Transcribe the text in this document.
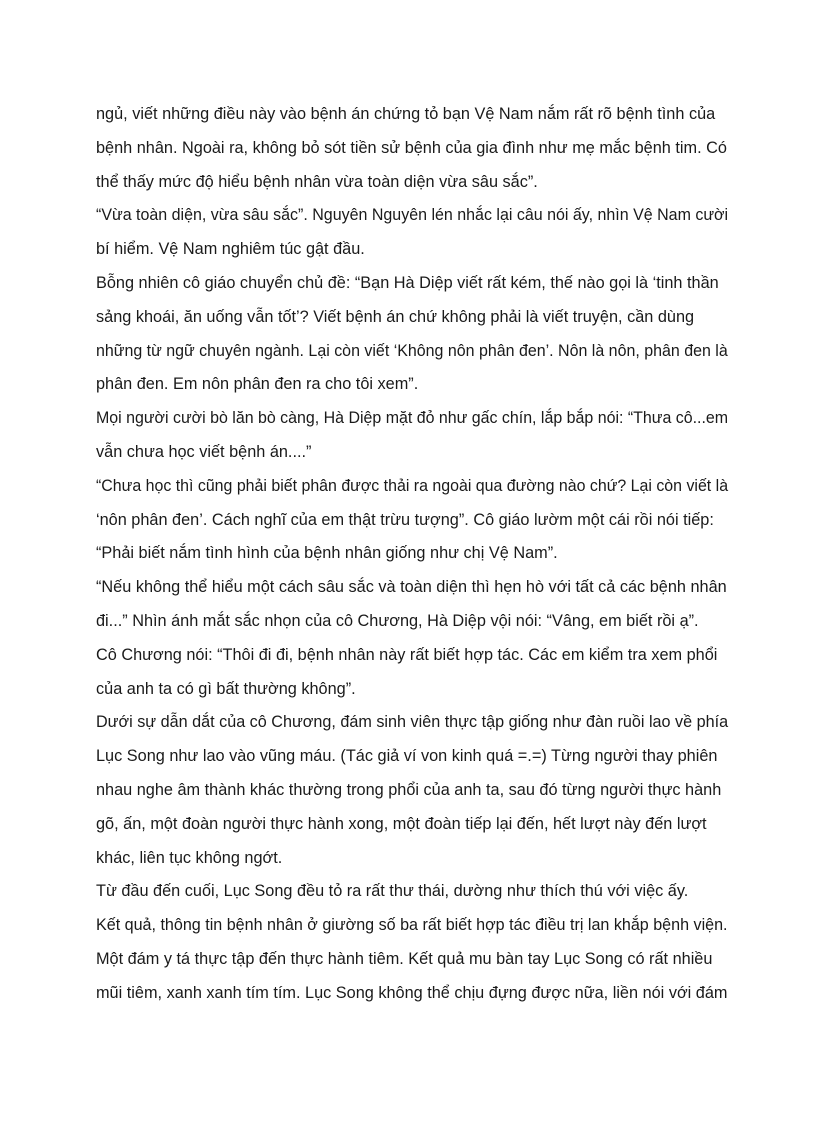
ngủ, viết những điều này vào bệnh án chứng tỏ bạn Vệ Nam nắm rất rõ bệnh tình của
bệnh nhân. Ngoài ra, không bỏ sót tiền sử bệnh của gia đình như mẹ mắc bệnh tim. Có
thể thấy mức độ hiểu bệnh nhân vừa toàn diện vừa sâu sắc”.
“Vừa toàn diện, vừa sâu sắc”. Nguyên Nguyên lén nhắc lại câu nói ấy, nhìn Vệ Nam cười
bí hiểm. Vệ Nam nghiêm túc gật đầu.
Bỗng nhiên cô giáo chuyển chủ đề: “Bạn Hà Diệp viết rất kém, thế nào gọi là ‘tinh thần
sảng khoái, ăn uống vẫn tốt’? Viết bệnh án chứ không phải là viết truyện, cần dùng
những từ ngữ chuyên ngành. Lại còn viết ‘Không nôn phân đen’. Nôn là nôn, phân đen là
phân đen. Em nôn phân đen ra cho tôi xem”.
Mọi người cười bò lăn bò càng, Hà Diệp mặt đỏ như gấc chín, lắp bắp nói: “Thưa cô...em
vẫn chưa học viết bệnh án....”
“Chưa học thì cũng phải biết phân được thải ra ngoài qua đường nào chứ? Lại còn viết là
‘nôn phân đen’. Cách nghĩ của em thật trừu tượng”. Cô giáo lườm một cái rồi nói tiếp:
“Phải biết nắm tình hình của bệnh nhân giống như chị Vệ Nam”.
“Nếu không thể hiểu một cách sâu sắc và toàn diện thì hẹn hò với tất cả các bệnh nhân
đi...” Nhìn ánh mắt sắc nhọn của cô Chương, Hà Diệp vội nói: “Vâng, em biết rồi ạ”.
Cô Chương nói: “Thôi đi đi, bệnh nhân này rất biết hợp tác. Các em kiểm tra xem phổi
của anh ta có gì bất thường không”.
Dưới sự dẫn dắt của cô Chương, đám sinh viên thực tập giống như đàn ruồi lao về phía
Lục Song như lao vào vũng máu. (Tác giả ví von kinh quá =.=) Từng người thay phiên
nhau nghe âm thành khác thường trong phổi của anh ta, sau đó từng người thực hành
gõ, ấn, một đoàn người thực hành xong, một đoàn tiếp lại đến, hết lượt này đến lượt
khác, liên tục không ngớt.
Từ đầu đến cuối, Lục Song đều tỏ ra rất thư thái, dường như thích thú với việc ấy.
Kết quả, thông tin bệnh nhân ở giường số ba rất biết hợp tác điều trị lan khắp bệnh viện.
Một đám y tá thực tập đến thực hành tiêm. Kết quả mu bàn tay Lục Song có rất nhiều
mũi tiêm, xanh xanh tím tím. Lục Song không thể chịu đựng được nữa, liền nói với đám
